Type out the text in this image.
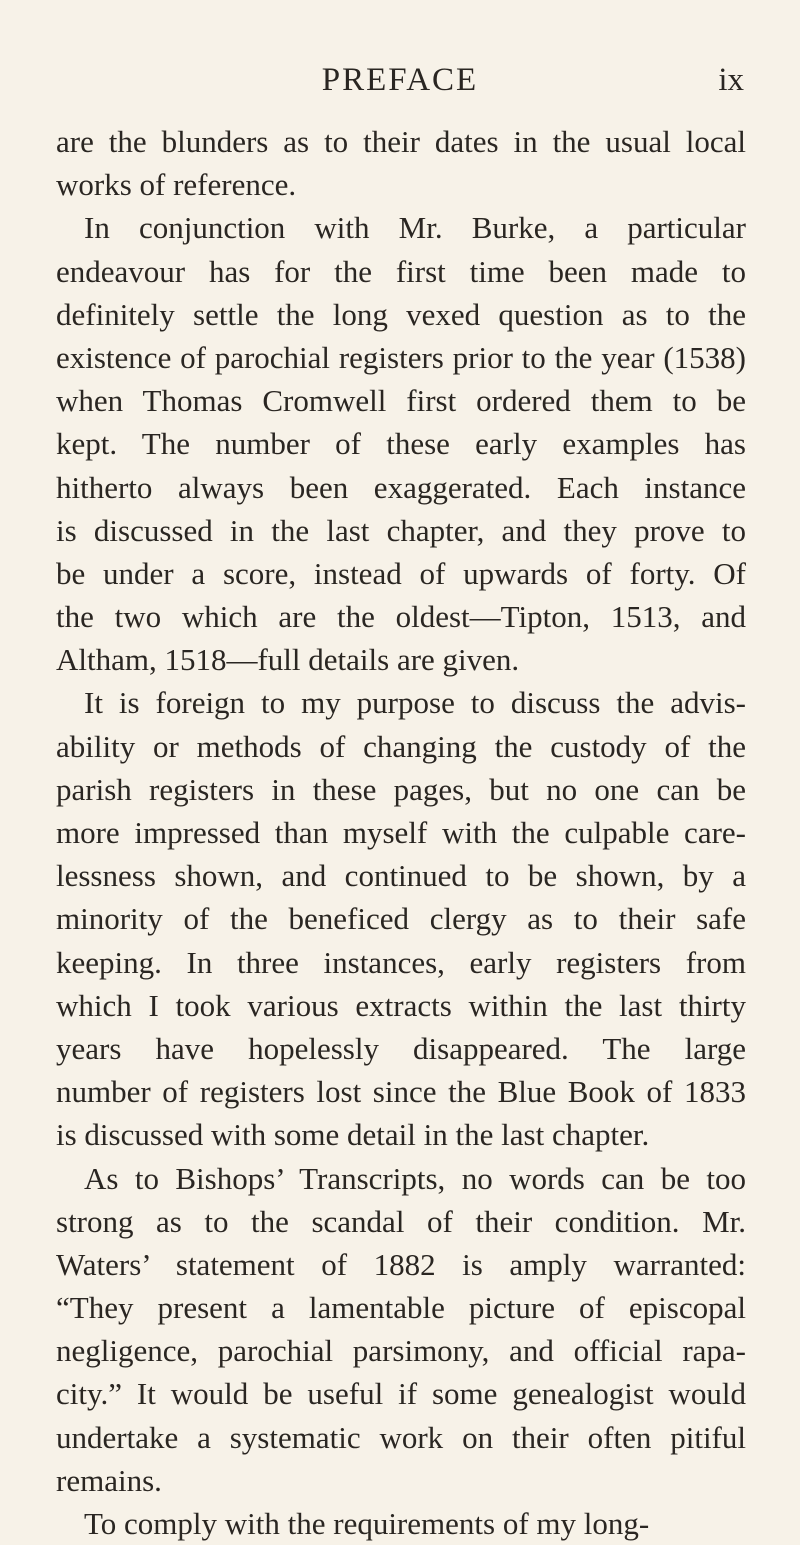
PREFACE	ix
are the blunders as to their dates in the usual local
works of reference.
In conjunction with Mr. Burke, a particular
endeavour has for the first time been made to
definitely settle the long vexed question as to the
existence of parochial registers prior to the year (1538)
when Thomas Cromwell first ordered them to be
kept. The number of these early examples has
hitherto always been exaggerated. Each instance
is discussed in the last chapter, and they prove to
be under a score, instead of upwards of forty. Of
the two which are the oldest—Tipton, 1513, and
Altham, 1518—full details are given.
It is foreign to my purpose to discuss the advis-
ability or methods of changing the custody of the
parish registers in these pages, but no one can be
more impressed than myself with the culpable care-
lessness shown, and continued to be shown, by a
minority of the beneficed clergy as to their safe
keeping. In three instances, early registers from
which I took various extracts within the last thirty
years have hopelessly disappeared. The large
number of registers lost since the Blue Book of 1833
is discussed with some detail in the last chapter.
As to Bishops’ Transcripts, no words can be too
strong as to the scandal of their condition. Mr.
Waters’ statement of 1882 is amply warranted:
“They present a lamentable picture of episcopal
negligence, parochial parsimony, and official rapa-
city.” It would be useful if some genealogist would
undertake a systematic work on their often pitiful
remains.
To comply with the requirements of my long-
